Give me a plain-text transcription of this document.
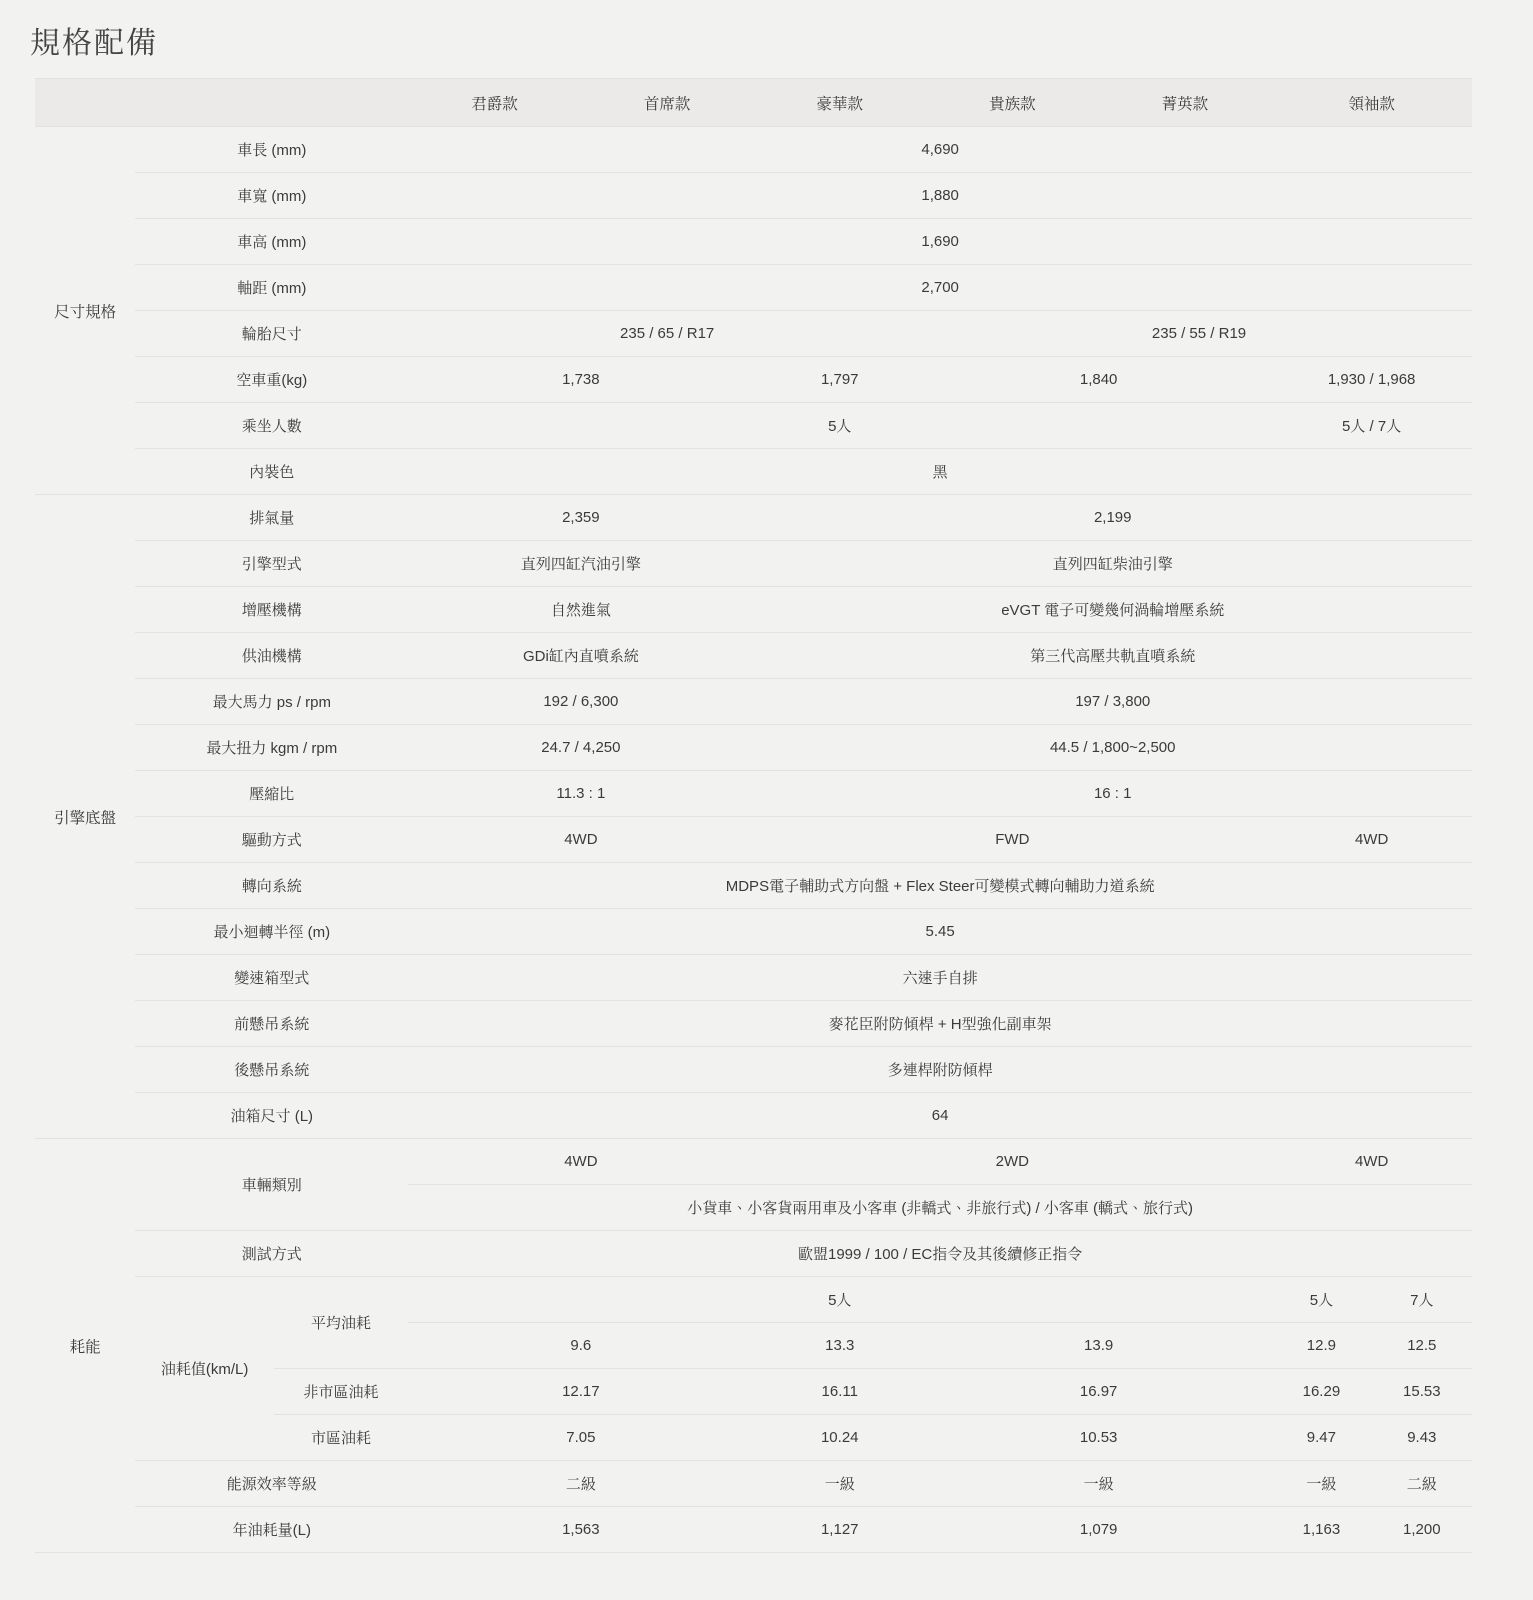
規格配備
			君爵款	首席款	豪華款	貴族款	菁英款	領袖款	
尺寸規格	車長 (mm)		4,690						
	車寬 (mm)		1,880						
	車高 (mm)		1,690						
	軸距 (mm)		2,700						
	輪胎尺寸		235 / 65 / R17			235 / 55 / R19			
	空車重(kg)		1,738		1,797	1,840		1,930 / 1,968	
	乘坐人數		5人					5人 / 7人	
	內裝色		黑						
引擎底盤	排氣量		2,359		2,199				
	引擎型式		直列四缸汽油引擎		直列四缸柴油引擎				
	增壓機構		自然進氣		eVGT 電子可變幾何渦輪增壓系統				
	供油機構		GDi缸內直噴系統		第三代高壓共軌直噴系統				
	最大馬力 ps / rpm		192 / 6,300		197 / 3,800				
	最大扭力 kgm / rpm		24.7 / 4,250		44.5 / 1,800~2,500				
	壓縮比		11.3 : 1		16 : 1				
	驅動方式		4WD		FWD			4WD	
	轉向系統		MDPS電子輔助式方向盤 + Flex Steer可變模式轉向輔助力道系統						
	最小迴轉半徑 (m)		5.45						
	變速箱型式		六速手自排						
	前懸吊系統		麥花臣附防傾桿 + H型強化副車架						
	後懸吊系統		多連桿附防傾桿						
	油箱尺寸 (L)		64						
耗能	車輛類別		4WD		2WD			4WD	
			小貨車、小客貨兩用車及小客車 (非轎式、非旅行式) / 小客車 (轎式、旅行式)						
	測試方式		歐盟1999 / 100 / EC指令及其後續修正指令						
	油耗值(km/L)	平均油耗	5人					5人	7人
			9.6		13.3	13.9		12.9	12.5
		非市區油耗	12.17		16.11	16.97		16.29	15.53
		市區油耗	7.05		10.24	10.53		9.47	9.43
	能源效率等級		二級		一級	一級		一級	二級
	年油耗量(L)		1,563		1,127	1,079		1,163	1,200
